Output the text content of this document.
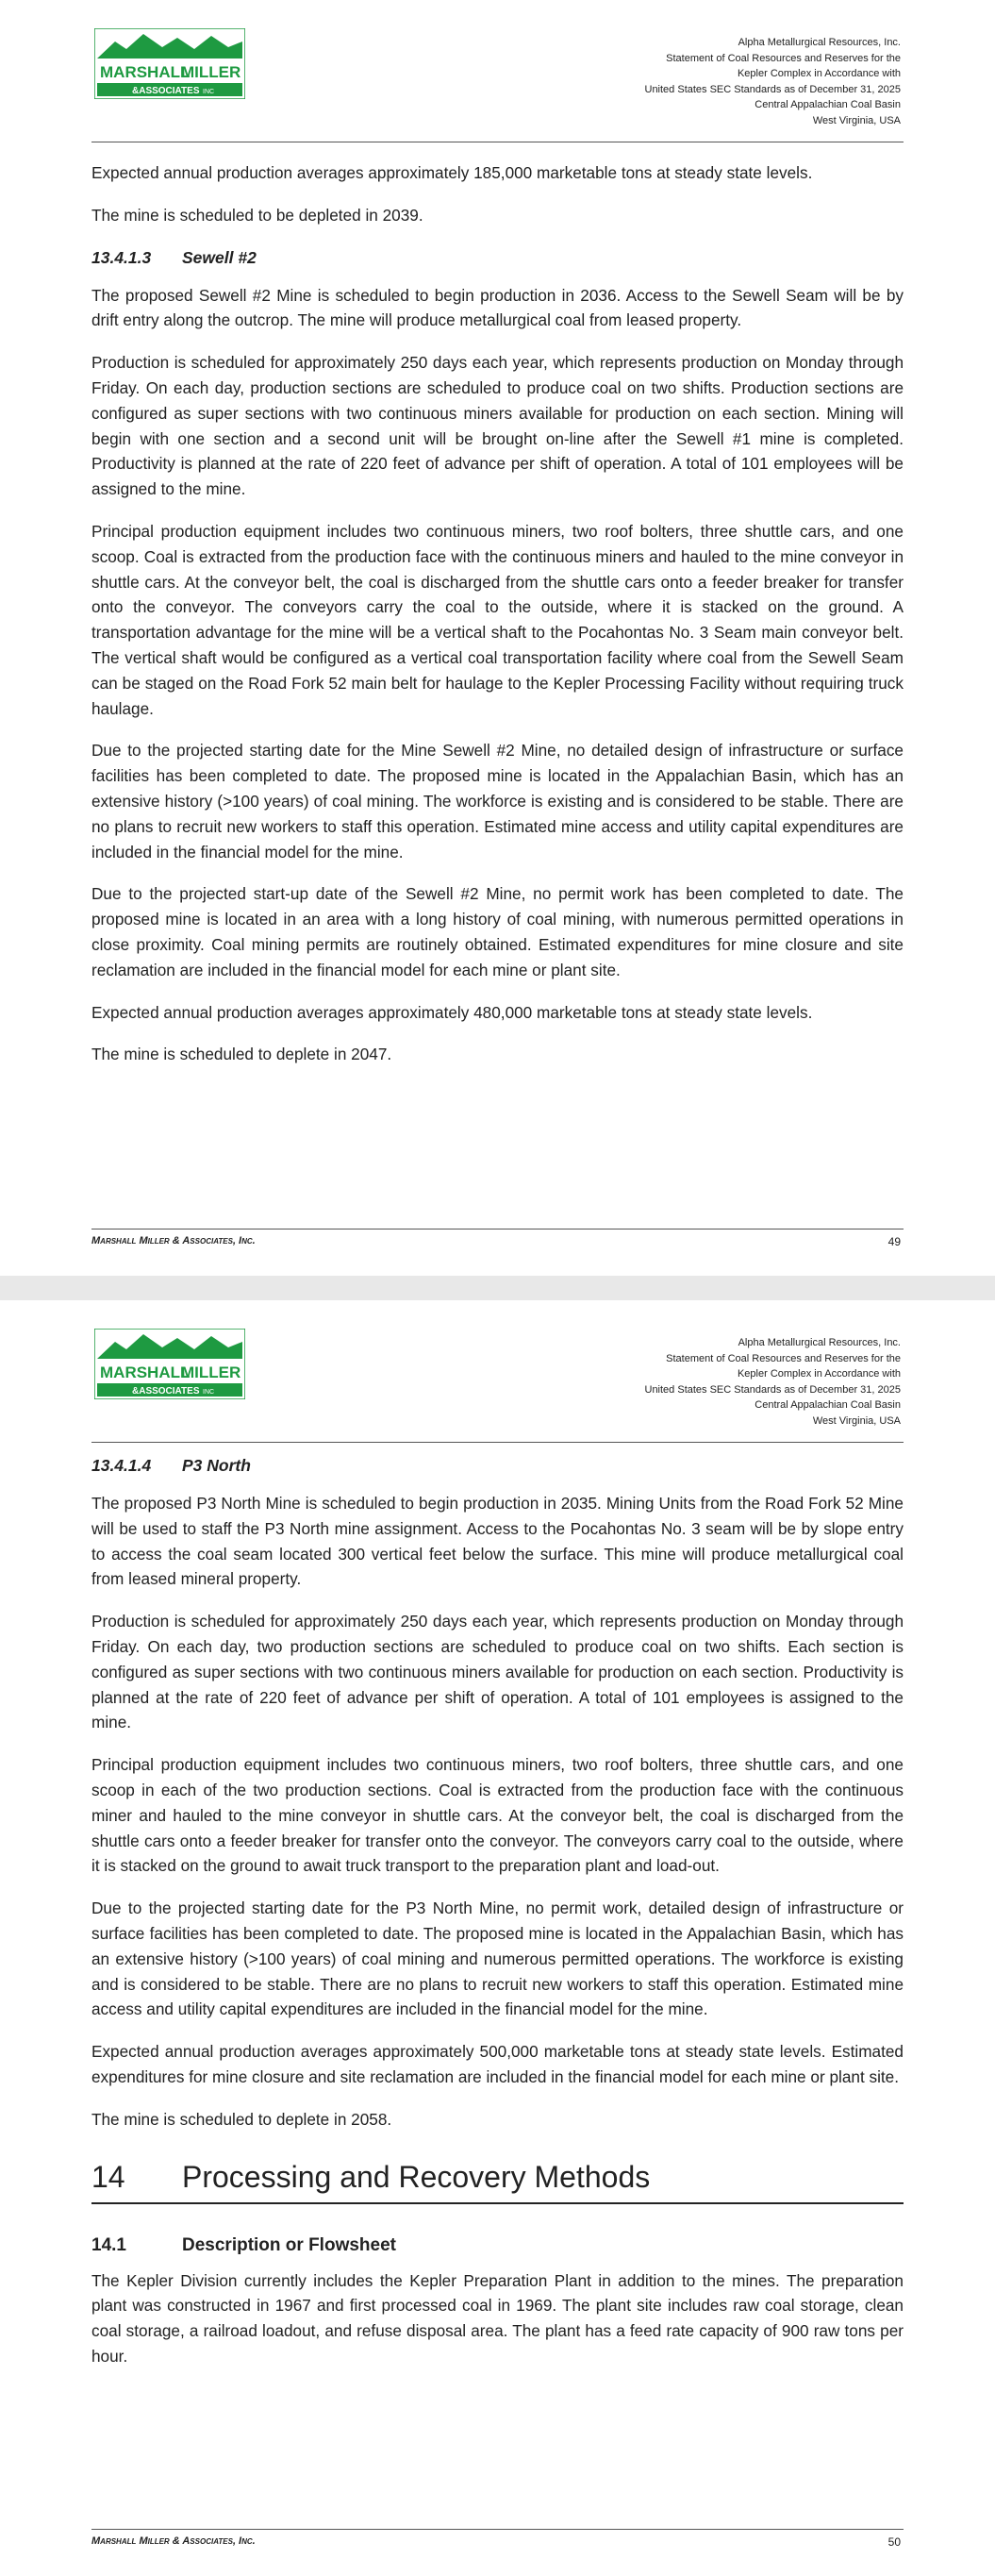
MARSHALL
MILLER
&ASSOCIATES INC
Alpha Metallurgical Resources, Inc.
Statement of Coal Resources and Reserves for the
Kepler Complex in Accordance with
United States SEC Standards as of December 31, 2025
Central Appalachian Coal Basin
West Virginia, USA

Expected annual production averages approximately 185,000 marketable tons at steady state levels.

The mine is scheduled to be depleted in 2039.

13.4.1.3 Sewell #2

The proposed Sewell #2 Mine is scheduled to begin production in 2036. Access to the Sewell Seam will be by drift entry along the outcrop. The mine will produce metallurgical coal from leased property.

Production is scheduled for approximately 250 days each year, which represents production on Monday through Friday. On each day, production sections are scheduled to produce coal on two shifts. Production sections are configured as super sections with two continuous miners available for production on each section. Mining will begin with one section and a second unit will be brought on-line after the Sewell #1 mine is completed. Productivity is planned at the rate of 220 feet of advance per shift of operation. A total of 101 employees will be assigned to the mine.

Principal production equipment includes two continuous miners, two roof bolters, three shuttle cars, and one scoop. Coal is extracted from the production face with the continuous miners and hauled to the mine conveyor in shuttle cars. At the conveyor belt, the coal is discharged from the shuttle cars onto a feeder breaker for transfer onto the conveyor. The conveyors carry the coal to the outside, where it is stacked on the ground. A transportation advantage for the mine will be a vertical shaft to the Pocahontas No. 3 Seam main conveyor belt. The vertical shaft would be configured as a vertical coal transportation facility where coal from the Sewell Seam can be staged on the Road Fork 52 main belt for haulage to the Kepler Processing Facility without requiring truck haulage.

Due to the projected starting date for the Mine Sewell #2 Mine, no detailed design of infrastructure or surface facilities has been completed to date. The proposed mine is located in the Appalachian Basin, which has an extensive history (>100 years) of coal mining. The workforce is existing and is considered to be stable. There are no plans to recruit new workers to staff this operation. Estimated mine access and utility capital expenditures are included in the financial model for the mine.

Due to the projected start-up date of the Sewell #2 Mine, no permit work has been completed to date. The proposed mine is located in an area with a long history of coal mining, with numerous permitted operations in close proximity. Coal mining permits are routinely obtained. Estimated expenditures for mine closure and site reclamation are included in the financial model for each mine or plant site.

Expected annual production averages approximately 480,000 marketable tons at steady state levels.

The mine is scheduled to deplete in 2047.

Marshall Miller & Associates, Inc.	49
MARSHALL
MILLER
&ASSOCIATES INC
Alpha Metallurgical Resources, Inc.
Statement of Coal Resources and Reserves for the
Kepler Complex in Accordance with
United States SEC Standards as of December 31, 2025
Central Appalachian Coal Basin
West Virginia, USA
13.4.1.4 P3 North

The proposed P3 North Mine is scheduled to begin production in 2035. Mining Units from the Road Fork 52 Mine will be used to staff the P3 North mine assignment. Access to the Pocahontas No. 3 seam will be by slope entry to access the coal seam located 300 vertical feet below the surface. This mine will produce metallurgical coal from leased mineral property.

Production is scheduled for approximately 250 days each year, which represents production on Monday through Friday. On each day, two production sections are scheduled to produce coal on two shifts. Each section is configured as super sections with two continuous miners available for production on each section. Productivity is planned at the rate of 220 feet of advance per shift of operation. A total of 101 employees is assigned to the mine.

Principal production equipment includes two continuous miners, two roof bolters, three shuttle cars, and one scoop in each of the two production sections. Coal is extracted from the production face with the continuous miner and hauled to the mine conveyor in shuttle cars. At the conveyor belt, the coal is discharged from the shuttle cars onto a feeder breaker for transfer onto the conveyor. The conveyors carry coal to the outside, where it is stacked on the ground to await truck transport to the preparation plant and load-out.

Due to the projected starting date for the P3 North Mine, no permit work, detailed design of infrastructure or surface facilities has been completed to date. The proposed mine is located in the Appalachian Basin, which has an extensive history (>100 years) of coal mining and numerous permitted operations. The workforce is existing and is considered to be stable. There are no plans to recruit new workers to staff this operation. Estimated mine access and utility capital expenditures are included in the financial model for the mine.

Expected annual production averages approximately 500,000 marketable tons at steady state levels. Estimated expenditures for mine closure and site reclamation are included in the financial model for each mine or plant site.

The mine is scheduled to deplete in 2058.

14 Processing and Recovery Methods
14.1	Description or Flowsheet

The Kepler Division currently includes the Kepler Preparation Plant in addition to the mines. The preparation plant was constructed in 1967 and first processed coal in 1969. The plant site includes raw coal storage, clean coal storage, a railroad loadout, and refuse disposal area. The plant has a feed rate capacity of 900 raw tons per hour.

Marshall Miller & Associates, Inc.	50
